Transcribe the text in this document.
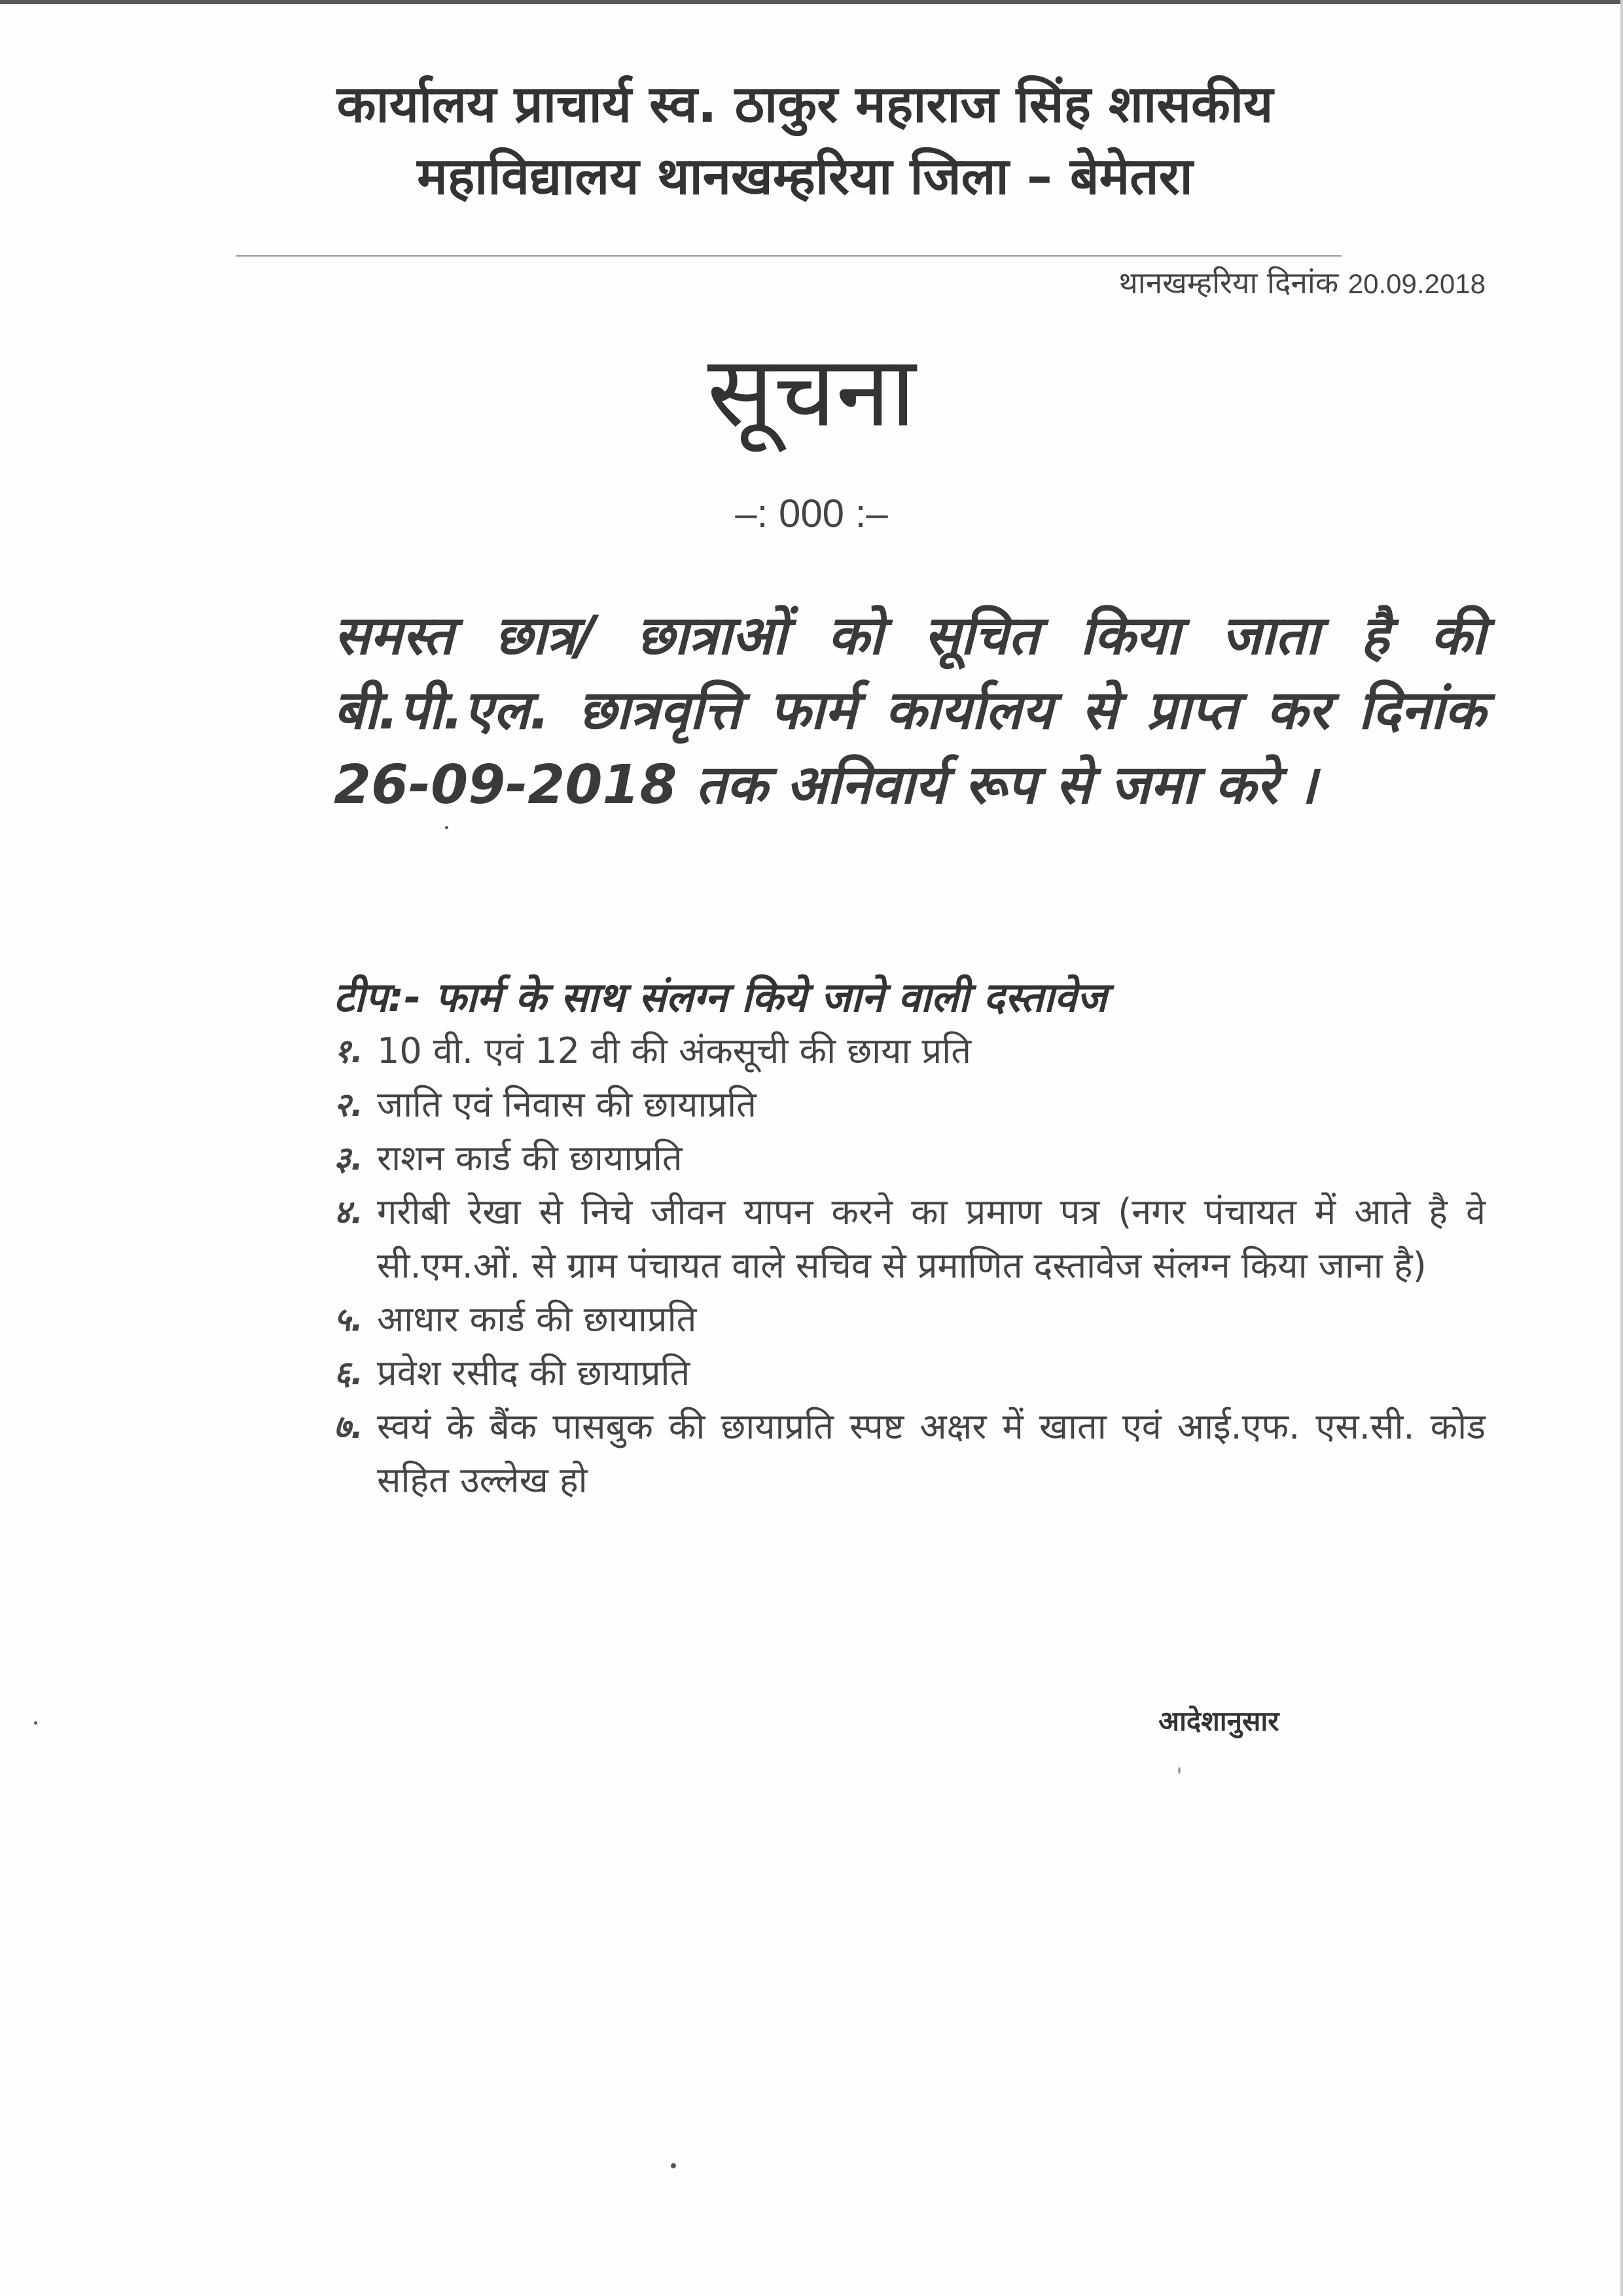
कार्यालय प्राचार्य स्व. ठाकुर महाराज सिंह शासकीय
महाविद्यालय थानखम्हरिया जिला – बेमेतरा
थानखम्हरिया दिनांक 20.09.2018
सूचना
–: 000 :–
समस्त छात्र/ छात्राओं को सूचित किया जाता है की बी.पी.एल. छात्रवृत्ति फार्म कार्यालय से प्राप्त कर दिनांक 26-09-2018 तक अनिवार्य रूप से जमा करे ।
टीप:- फार्म के साथ संलग्न किये जाने वाली दस्तावेज
१. 10 वी. एवं 12 वी की अंकसूची की छाया प्रति
२. जाति एवं निवास की छायाप्रति
३. राशन कार्ड की छायाप्रति
४. गरीबी रेखा से निचे जीवन यापन करने का प्रमाण पत्र (नगर पंचायत में आते है वे सी.एम.ओं. से ग्राम पंचायत वाले सचिव से प्रमाणित दस्तावेज संलग्न किया जाना है)
५. आधार कार्ड की छायाप्रति
६. प्रवेश रसीद की छायाप्रति
७. स्वयं के बैंक पासबुक की छायाप्रति स्पष्ट अक्षर में खाता एवं आई.एफ. एस.सी. कोड सहित उल्लेख हो
आदेशानुसार
